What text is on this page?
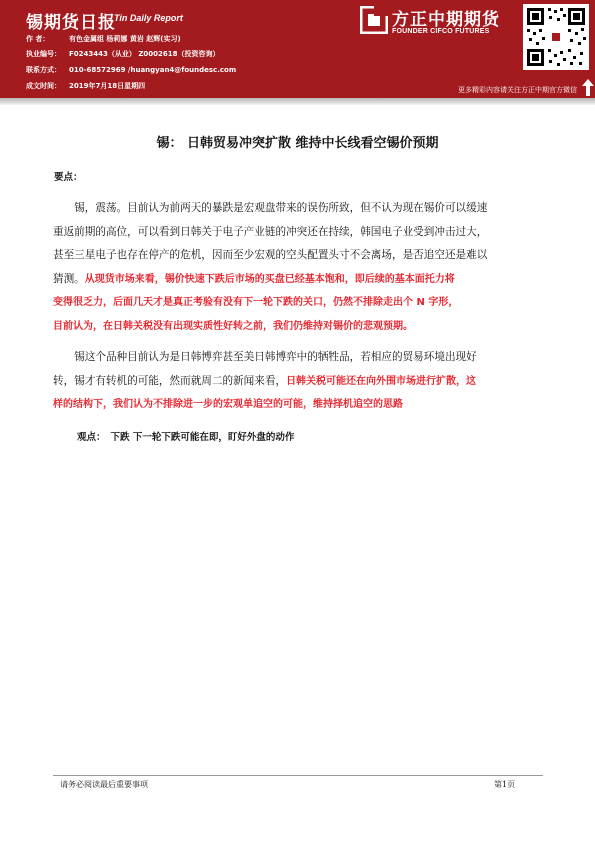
锡期货日报
Tin Daily Report
作 者：	有色金属组 杨莉娜 黄岩 赵辉(实习)
执业编号： F0243443（从业） Z0002618（投资咨询）
联系方式： 010-68572969 /huangyan4@foundesc.com
成文时间： 2019年7月18日星期四
方正中期期货
FOUNDER CIFCO FUTURES
更多精彩内容请关注方正中期官方微信
锡： 日韩贸易冲突扩散 维持中长线看空锡价预期
要点：
　　锡，震荡。目前认为前两天的暴跌是宏观盘带来的误伤所致，但不认为现在锡价可以缓速
重返前期的高位，可以看到日韩关于电子产业链的冲突还在持续，韩国电子业受到冲击过大，
甚至三星电子也存在停产的危机，因而至少宏观的空头配置头寸不会离场，是否追空还是难以
猜测。从现货市场来看，锡价快速下跌后市场的买盘已经基本饱和，即后续的基本面托力将
变得很乏力，后面几天才是真正考验有没有下一轮下跌的关口，仍然不排除走出个 N 字形，
目前认为，在日韩关税没有出现实质性好转之前，我们仍维持对锡价的悲观预期。
　　锡这个品种目前认为是日韩博弈甚至美日韩博弈中的牺牲品，若相应的贸易环境出现好
转，锡才有转机的可能，然而就周二的新闻来看，日韩关税可能还在向外围市场进行扩散，这
样的结构下，我们认为不排除进一步的宏观单追空的可能，维持择机追空的思路
观点： 下跌 下一轮下跌可能在即，盯好外盘的动作
请务必阅读最后重要事项	第1页
